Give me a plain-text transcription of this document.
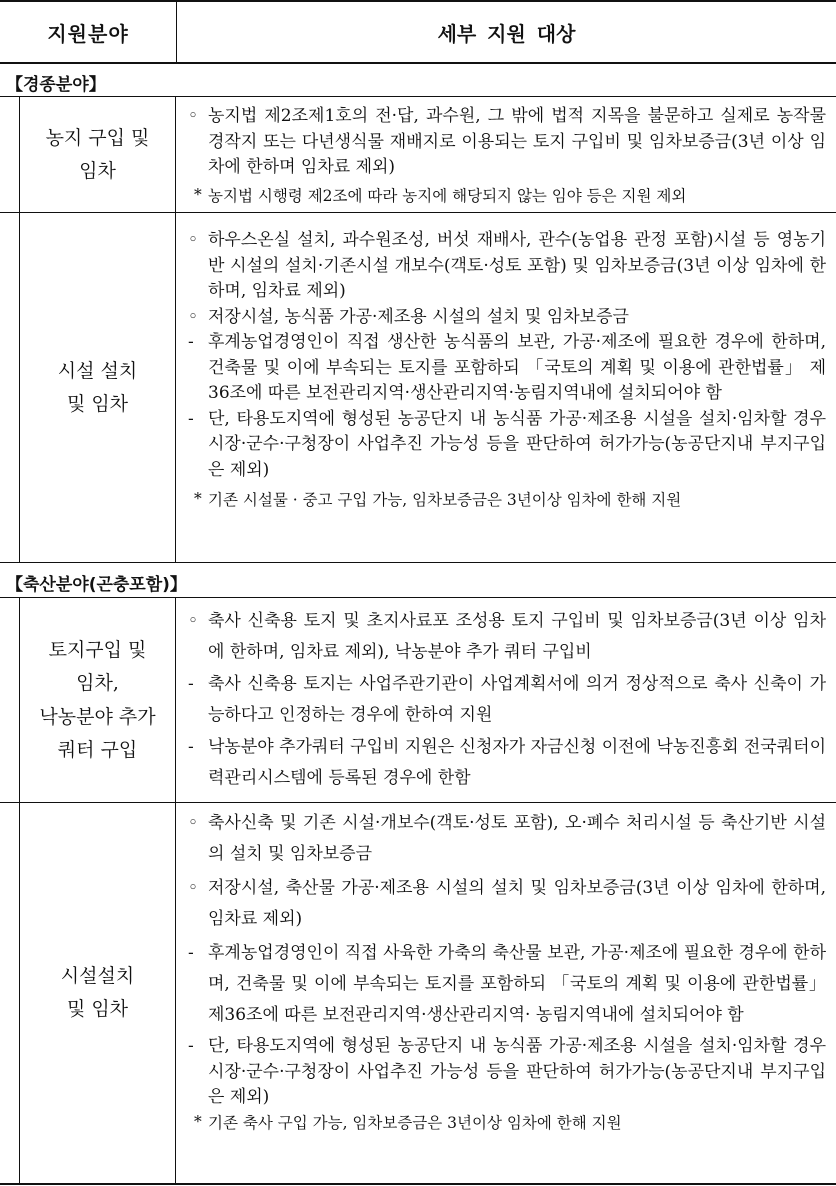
지원분야	세부 지원 대상
【경종분야】
농지 구입 및
임차
◦ 농지법 제2조제1호의 전·답, 과수원, 그 밖에 법적 지목을 불문하고 실제로 농작물 경작지 또는 다년생식물 재배지로 이용되는 토지 구입비 및 임차보증금(3년 이상 임차에 한하며 임차료 제외)
* 농지법 시행령 제2조에 따라 농지에 해당되지 않는 임야 등은 지원 제외
시설 설치
및 임차
◦ 하우스온실 설치, 과수원조성, 버섯 재배사, 관수(농업용 관정 포함)시설 등 영농기반 시설의 설치·기존시설 개보수(객토·성토 포함) 및 임차보증금(3년 이상 임차에 한하며, 임차료 제외)
◦ 저장시설, 농식품 가공·제조용 시설의 설치 및 임차보증금
- 후계농업경영인이 직접 생산한 농식품의 보관, 가공·제조에 필요한 경우에 한하며, 건축물 및 이에 부속되는 토지를 포함하되 「국토의 계획 및 이용에 관한법률」 제36조에 따른 보전관리지역·생산관리지역·농림지역내에 설치되어야 함
- 단, 타용도지역에 형성된 농공단지 내 농식품 가공·제조용 시설을 설치·임차할 경우 시장·군수·구청장이 사업추진 가능성 등을 판단하여 허가가능(농공단지내 부지구입은 제외)
* 기존 시설물 · 중고 구입 가능, 임차보증금은 3년이상 임차에 한해 지원
【축산분야(곤충포함)】
토지구입 및
임차,
낙농분야 추가
쿼터 구입
◦ 축사 신축용 토지 및 초지사료포 조성용 토지 구입비 및 임차보증금(3년 이상 임차에 한하며, 임차료 제외), 낙농분야 추가 쿼터 구입비
- 축사 신축용 토지는 사업주관기관이 사업계획서에 의거 정상적으로 축사 신축이 가능하다고 인정하는 경우에 한하여 지원
- 낙농분야 추가쿼터 구입비 지원은 신청자가 자금신청 이전에 낙농진흥회 전국쿼터이력관리시스템에 등록된 경우에 한함
시설설치
및 임차
◦ 축사신축 및 기존 시설·개보수(객토·성토 포함), 오·폐수 처리시설 등 축산기반 시설의 설치 및 임차보증금
◦ 저장시설, 축산물 가공·제조용 시설의 설치 및 임차보증금(3년 이상 임차에 한하며, 임차료 제외)
- 후계농업경영인이 직접 사육한 가축의 축산물 보관, 가공·제조에 필요한 경우에 한하며, 건축물 및 이에 부속되는 토지를 포함하되 「국토의 계획 및 이용에 관한법률」 제36조에 따른 보전관리지역·생산관리지역· 농림지역내에 설치되어야 함
- 단, 타용도지역에 형성된 농공단지 내 농식품 가공·제조용 시설을 설치·임차할 경우 시장·군수·구청장이 사업추진 가능성 등을 판단하여 허가가능(농공단지내 부지구입은 제외)
* 기존 축사 구입 가능, 임차보증금은 3년이상 임차에 한해 지원
